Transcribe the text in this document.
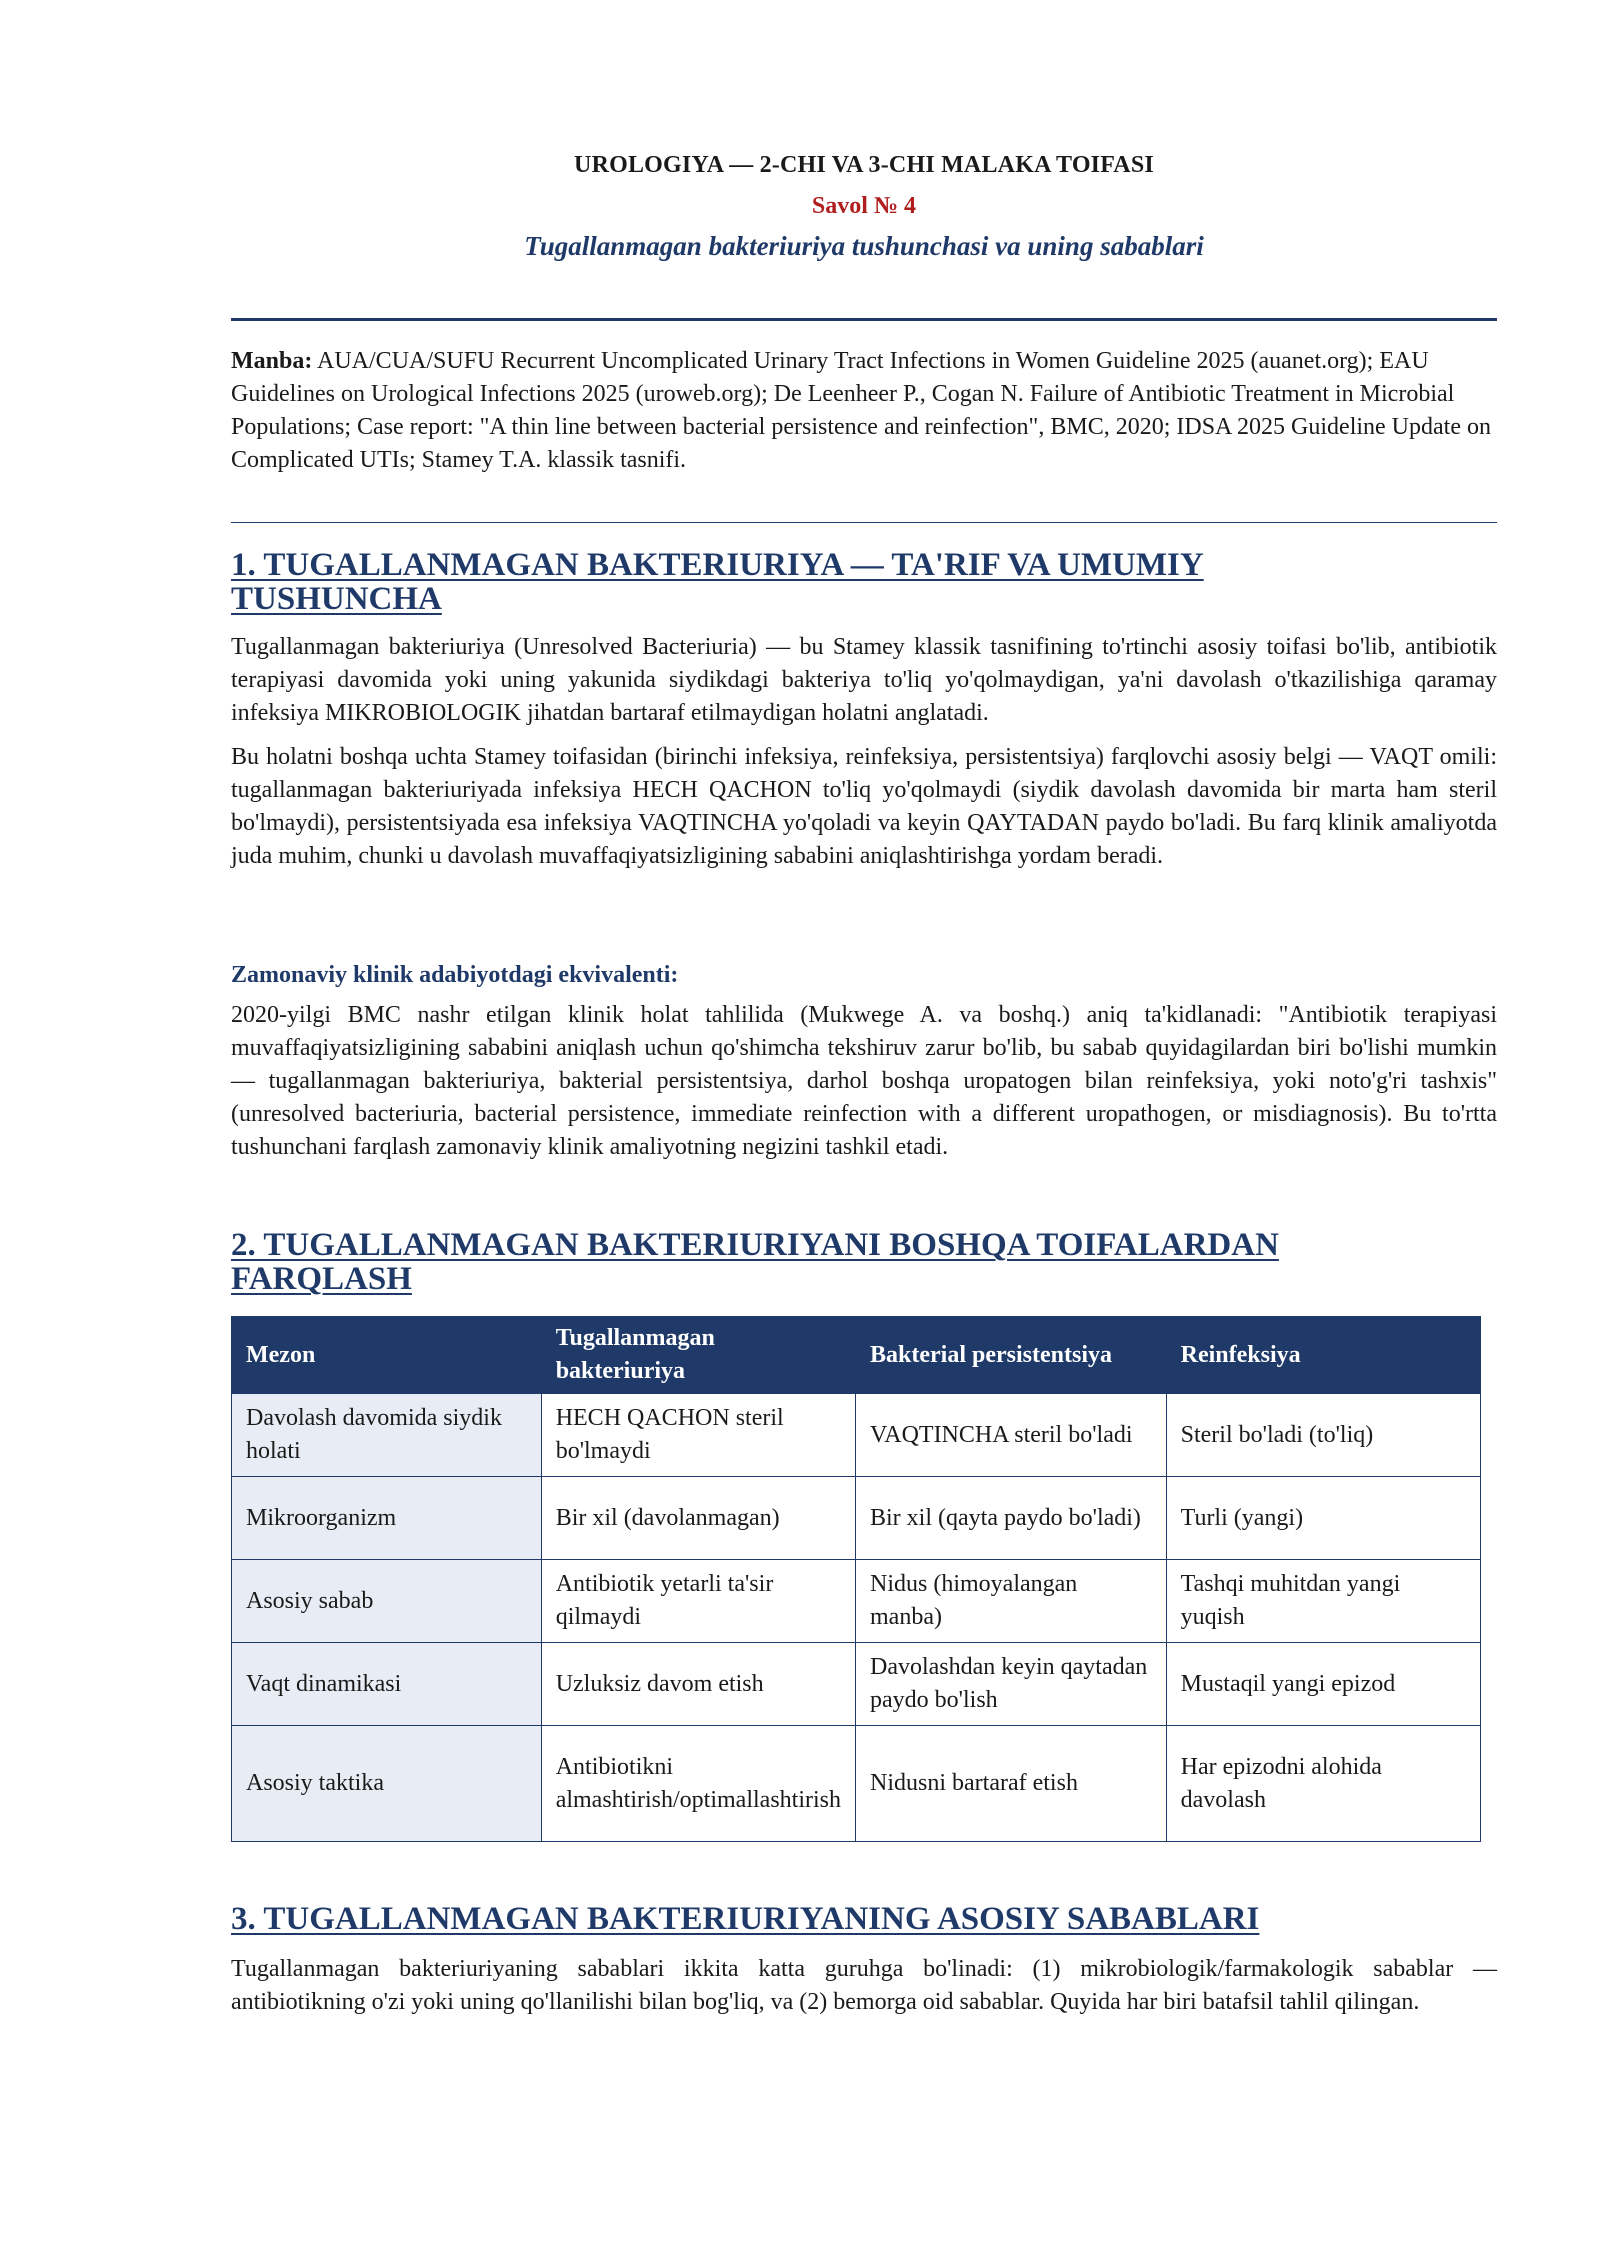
UROLOGIYA — 2-CHI VA 3-CHI MALAKA TOIFASI
Savol № 4
Tugallanmagan bakteriuriya tushunchasi va uning sabablari
Manba: AUA/CUA/SUFU Recurrent Uncomplicated Urinary Tract Infections in Women Guideline 2025 (auanet.org); EAU Guidelines on Urological Infections 2025 (uroweb.org); De Leenheer P., Cogan N. Failure of Antibiotic Treatment in Microbial Populations; Case report: "A thin line between bacterial persistence and reinfection", BMC, 2020; IDSA 2025 Guideline Update on Complicated UTIs; Stamey T.A. klassik tasnifi.
1. TUGALLANMAGAN BAKTERIURIYA — TA'RIF VA UMUMIY
TUSHUNCHA

Tugallanmagan bakteriuriya (Unresolved Bacteriuria) — bu Stamey klassik tasnifining to'rtinchi asosiy toifasi bo'lib, antibiotik terapiyasi davomida yoki uning yakunida siydikdagi bakteriya to'liq yo'qolmaydigan, ya'ni davolash o'tkazilishiga qaramay infeksiya MIKROBIOLOGIK jihatdan bartaraf etilmaydigan holatni anglatadi.

Bu holatni boshqa uchta Stamey toifasidan (birinchi infeksiya, reinfeksiya, persistentsiya) farqlovchi asosiy belgi — VAQT omili: tugallanmagan bakteriuriyada infeksiya HECH QACHON to'liq yo'qolmaydi (siydik davolash davomida bir marta ham steril bo'lmaydi), persistentsiyada esa infeksiya VAQTINCHA yo'qoladi va keyin QAYTADAN paydo bo'ladi. Bu farq klinik amaliyotda juda muhim, chunki u davolash muvaffaqiyatsizligining sababini aniqlashtirishga yordam beradi.

Zamonaviy klinik adabiyotdagi ekvivalenti:

2020-yilgi BMC nashr etilgan klinik holat tahlilida (Mukwege A. va boshq.) aniq ta'kidlanadi: "Antibiotik terapiyasi muvaffaqiyatsizligining sababini aniqlash uchun qo'shimcha tekshiruv zarur bo'lib, bu sabab quyidagilardan biri bo'lishi mumkin — tugallanmagan bakteriuriya, bakterial persistentsiya, darhol boshqa uropatogen bilan reinfeksiya, yoki noto'g'ri tashxis" (unresolved bacteriuria, bacterial persistence, immediate reinfection with a different uropathogen, or misdiagnosis). Bu to'rtta tushunchani farqlash zamonaviy klinik amaliyotning negizini tashkil etadi.

2. TUGALLANMAGAN BAKTERIURIYANI BOSHQA TOIFALARDAN
FARQLASH
Mezon	Tugallanmagan bakteriuriya	Bakterial persistentsiya	Reinfeksiya
Davolash davomida siydik holati	HECH QACHON steril bo'lmaydi	VAQTINCHA steril bo'ladi	Steril bo'ladi (to'liq)
Mikroorganizm	Bir xil (davolanmagan)	Bir xil (qayta paydo bo'ladi)	Turli (yangi)
Asosiy sabab	Antibiotik yetarli ta'sir qilmaydi	Nidus (himoyalangan manba)	Tashqi muhitdan yangi yuqish
Vaqt dinamikasi	Uzluksiz davom etish	Davolashdan keyin qaytadan paydo bo'lish	Mustaqil yangi epizod
Asosiy taktika	Antibiotikni almashtirish/optimallashtirish	Nidusni bartaraf etish	Har epizodni alohida davolash
3. TUGALLANMAGAN BAKTERIURIYANING ASOSIY SABABLARI

Tugallanmagan bakteriuriyaning sabablari ikkita katta guruhga bo'linadi: (1) mikrobiologik/farmakologik sabablar — antibiotikning o'zi yoki uning qo'llanilishi bilan bog'liq, va (2) bemorga oid sabablar. Quyida har biri batafsil tahlil qilingan.
